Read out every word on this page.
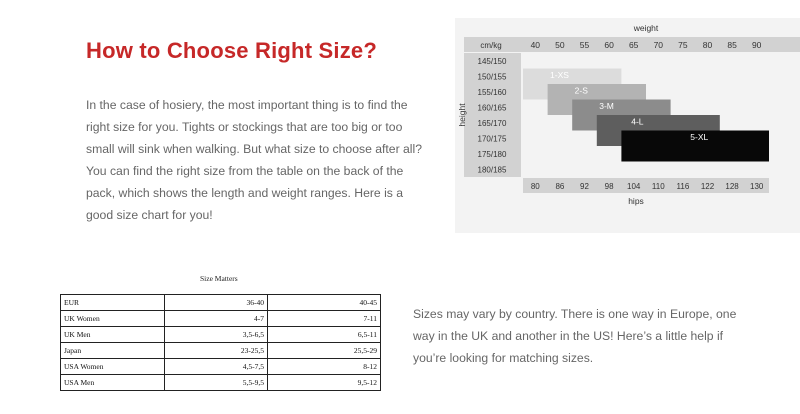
How to Choose Right Size?

In the case of hosiery, the most important thing is to find the right size for you. Tights or stockings that are too big or too small will sink when walking. But what size to choose after all? You can find the right size from the table on the back of the pack, which shows the length and weight ranges. Here is a good size chart for you!

weight
cm/kg	40 50 55 60 65 70 75 80 85 90
145/150
150/155
155/160
160/165
165/170
170/175
175/180
180/185
80 86 92 98 104 110 116 122 128 130
height
hips
1-XS
2-S
3-M
4-L
5-XL
Size Matters
EUR	36-40	40-45
UK Women	4-7	7-11
UK Men	3,5-6,5	6,5-11
Japan	23-25,5	25,5-29
USA Women	4,5-7,5	8-12
USA Men	5,5-9,5	9,5-12

Sizes may vary by country. There is one way in Europe, one way in the UK and another in the US! Here’s a little help if you’re looking for matching sizes.
